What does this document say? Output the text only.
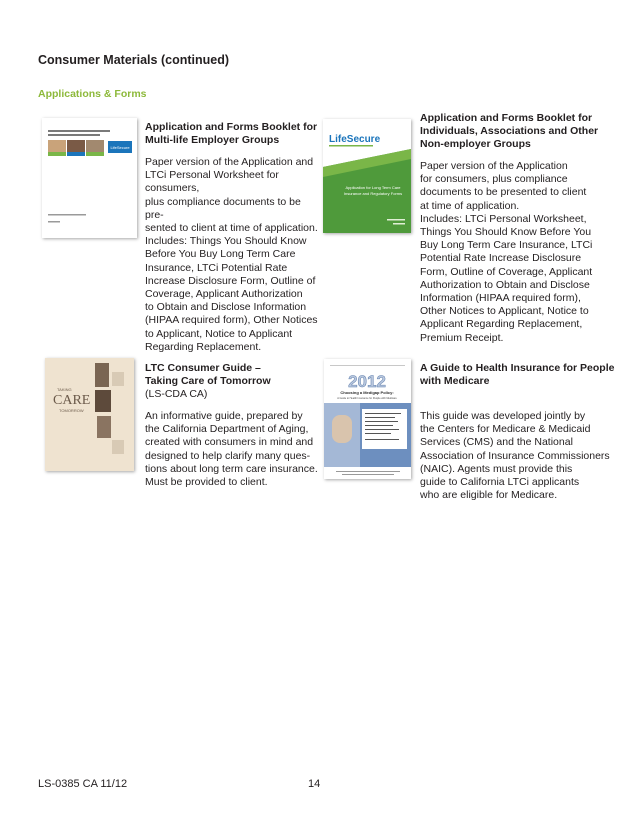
Consumer Materials (continued)
Applications & Forms
LifeSecure
LifeSecure
Application for Long Term Care
Insurance and Regulatory Forms
TAKING
CARE
TOMORROW
2012
Choosing a Medigap Policy:
A Guide to Health Insurance for People with Medicare
Application and Forms Booklet for
Multi-life Employer Groups

Paper version of the Application and

LTCi Personal Worksheet for consumers,

plus compliance documents to be pre-

sented to client at time of application.

Includes: Things You Should Know

Before You Buy Long Term Care

Insurance, LTCi Potential Rate

Increase Disclosure Form, Outline of

Coverage, Applicant Authorization

to Obtain and Disclose Information

(HIPAA required form), Other Notices

to Applicant, Notice to Applicant

Regarding Replacement.

Application and Forms Booklet for
Individuals, Associations and Other
Non-employer Groups

Paper version of the Application

for consumers, plus compliance

documents to be presented to client

at time of application.

Includes: LTCi Personal Worksheet,

Things You Should Know Before You

Buy Long Term Care Insurance, LTCi

Potential Rate Increase Disclosure

Form, Outline of Coverage, Applicant

Authorization to Obtain and Disclose

Information (HIPAA required form),

Other Notices to Applicant, Notice to

Applicant Regarding Replacement,

Premium Receipt.

LTC Consumer Guide –
Taking Care of Tomorrow
(LS-CDA CA)

An informative guide, prepared by

the California Department of Aging,

created with consumers in mind and

designed to help clarify many ques-

tions about long term care insurance.

Must be provided to client.

A Guide to Health Insurance for People
with Medicare

This guide was developed jointly by

the Centers for Medicare & Medicaid

Services (CMS) and the National

Association of Insurance Commissioners

(NAIC). Agents must provide this

guide to California LTCi applicants

who are eligible for Medicare.

LS-0385 CA 11/12	14
